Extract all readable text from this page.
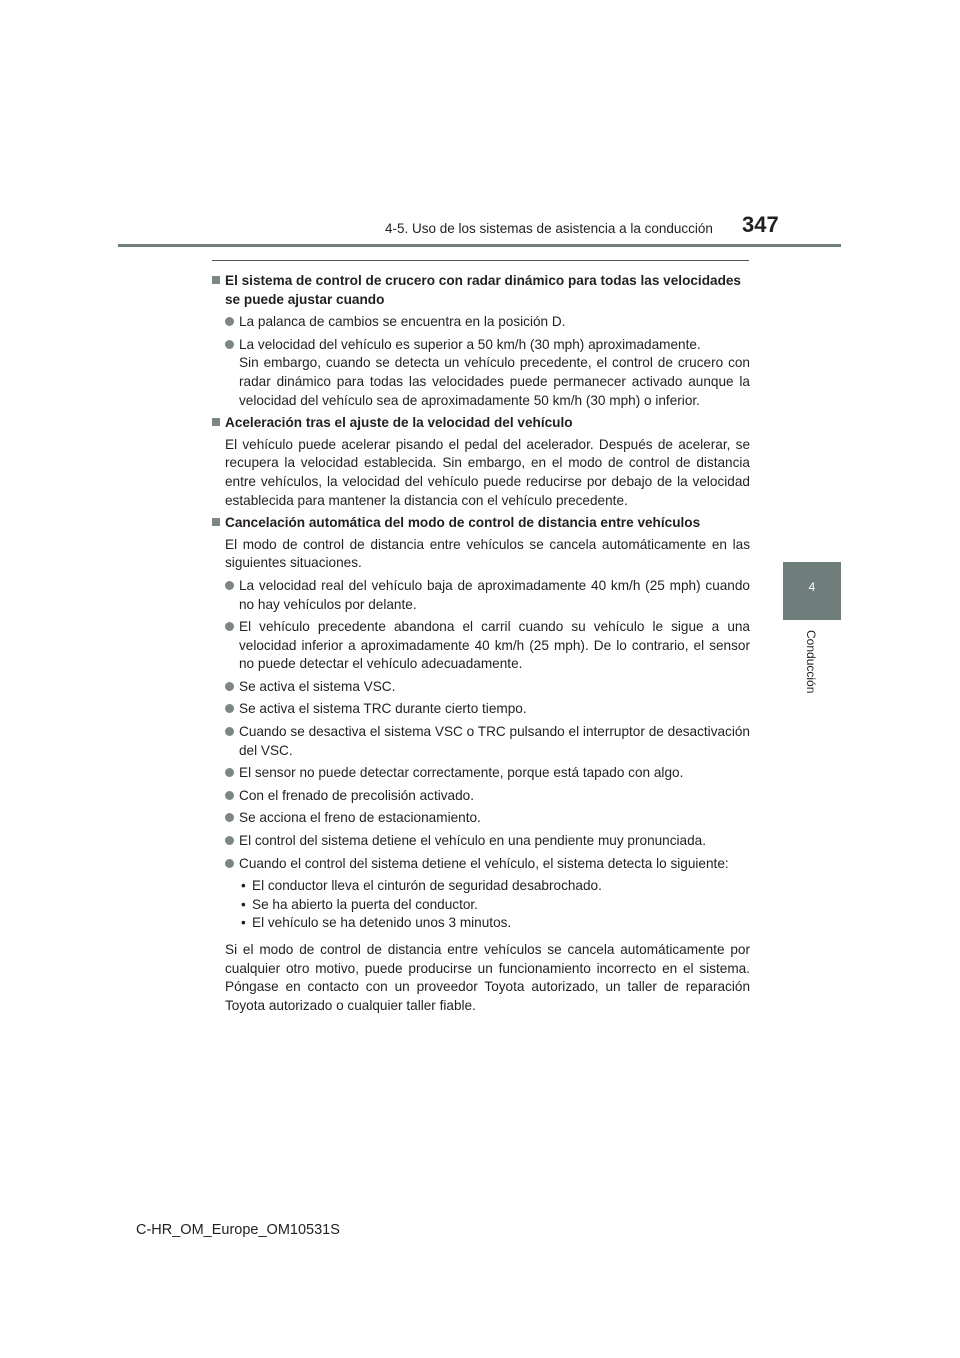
4-5. Uso de los sistemas de asistencia a la conducción 347
4
Conducción
El sistema de control de crucero con radar dinámico para todas las velocidades se puede ajustar cuando
La palanca de cambios se encuentra en la posición D.
La velocidad del vehículo es superior a 50 km/h (30 mph) aproximadamente.
Sin embargo, cuando se detecta un vehículo precedente, el control de crucero con radar dinámico para todas las velocidades puede permanecer activado aunque la velocidad del vehículo sea de aproximadamente 50 km/h (30 mph) o inferior.
Aceleración tras el ajuste de la velocidad del vehículo
El vehículo puede acelerar pisando el pedal del acelerador. Después de acelerar, se recupera la velocidad establecida. Sin embargo, en el modo de control de distancia entre vehículos, la velocidad del vehículo puede reducirse por debajo de la velocidad establecida para mantener la distancia con el vehículo precedente.
Cancelación automática del modo de control de distancia entre vehículos
El modo de control de distancia entre vehículos se cancela automáticamente en las siguientes situaciones.
La velocidad real del vehículo baja de aproximadamente 40 km/h (25 mph) cuando no hay vehículos por delante.
El vehículo precedente abandona el carril cuando su vehículo le sigue a una velocidad inferior a aproximadamente 40 km/h (25 mph). De lo contrario, el sensor no puede detectar el vehículo adecuadamente.
Se activa el sistema VSC.
Se activa el sistema TRC durante cierto tiempo.
Cuando se desactiva el sistema VSC o TRC pulsando el interruptor de desactivación del VSC.
El sensor no puede detectar correctamente, porque está tapado con algo.
Con el frenado de precolisión activado.
Se acciona el freno de estacionamiento.
El control del sistema detiene el vehículo en una pendiente muy pronunciada.
Cuando el control del sistema detiene el vehículo, el sistema detecta lo siguiente:
• El conductor lleva el cinturón de seguridad desabrochado.
• Se ha abierto la puerta del conductor.
• El vehículo se ha detenido unos 3 minutos.
Si el modo de control de distancia entre vehículos se cancela automáticamente por cualquier otro motivo, puede producirse un funcionamiento incorrecto en el sistema. Póngase en contacto con un proveedor Toyota autorizado, un taller de reparación Toyota autorizado o cualquier taller fiable.
C-HR_OM_Europe_OM10531S
